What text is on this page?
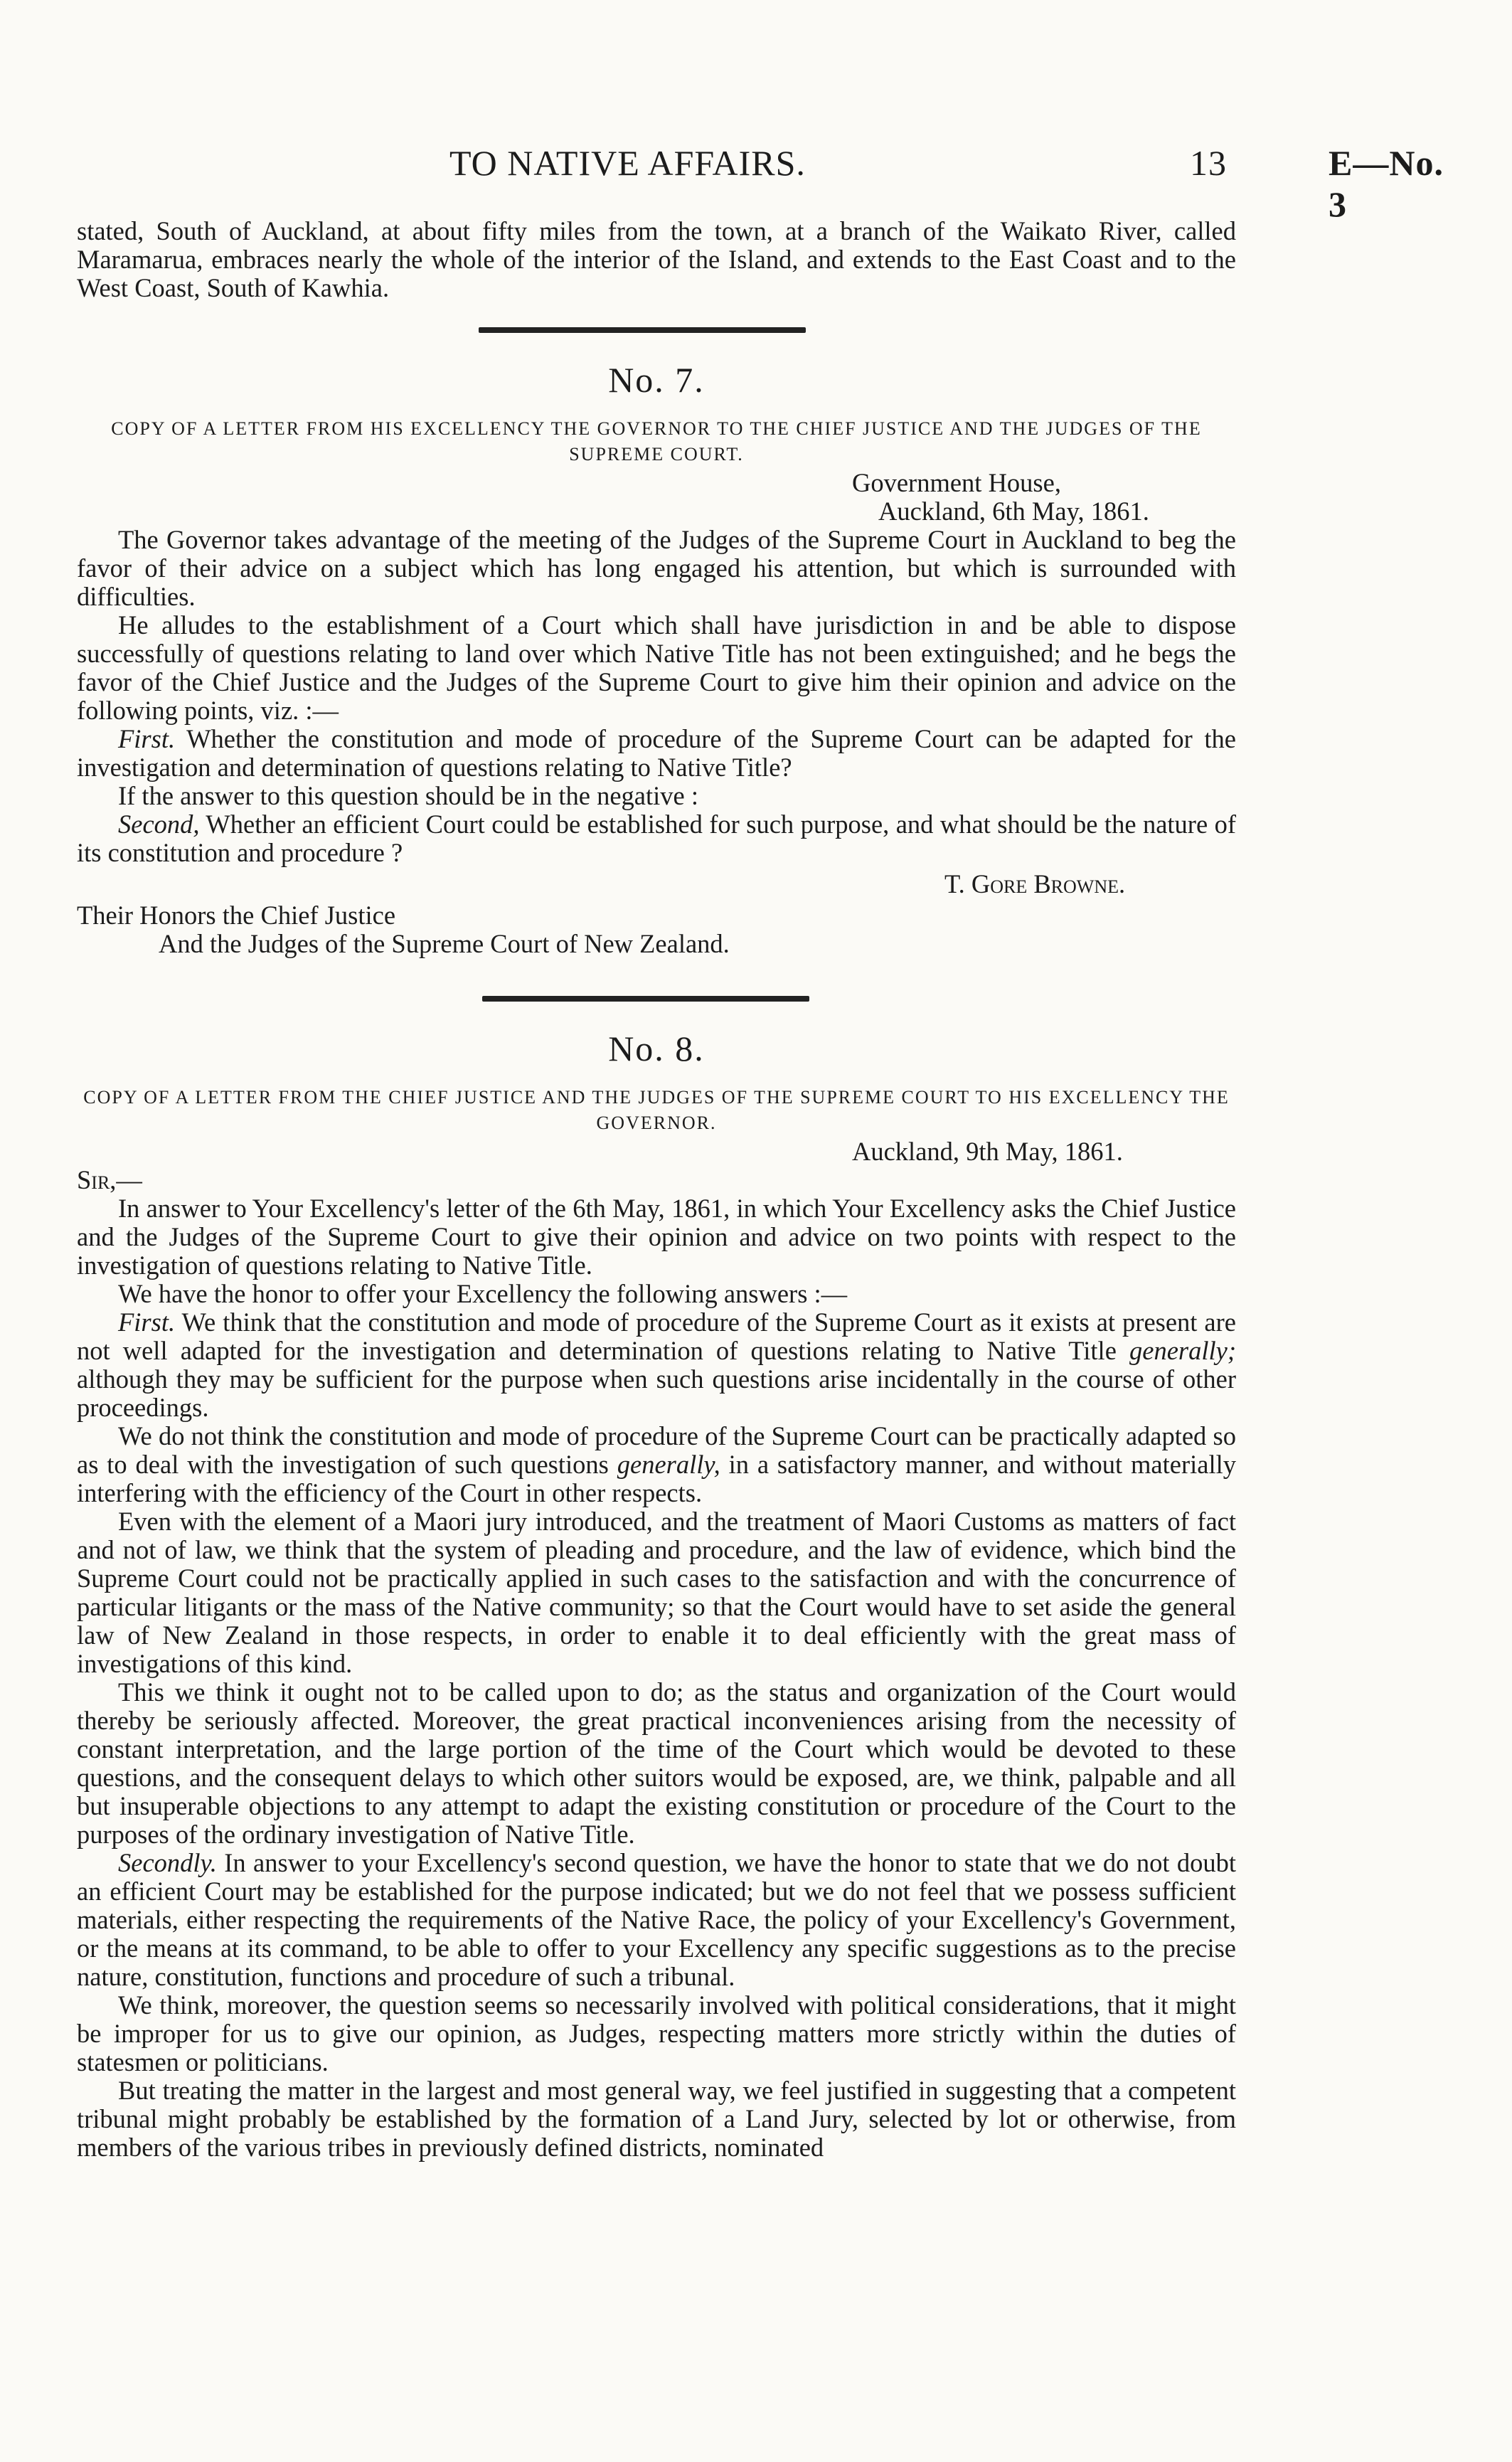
TO NATIVE AFFAIRS.	13	E—No. 3

stated, South of Auckland, at about fifty miles from the town, at a branch of the Waikato River, called Maramarua, embraces nearly the whole of the interior of the Island, and extends to the East Coast and to the West Coast, South of Kawhia.

No. 7.

COPY OF A LETTER FROM HIS EXCELLENCY THE GOVERNOR TO THE CHIEF JUSTICE AND THE JUDGES OF THE SUPREME COURT.

Government House,

Auckland, 6th May, 1861.

The Governor takes advantage of the meeting of the Judges of the Supreme Court in Auckland to beg the favor of their advice on a subject which has long engaged his attention, but which is surrounded with difficulties.

He alludes to the establishment of a Court which shall have jurisdiction in and be able to dispose successfully of questions relating to land over which Native Title has not been extinguished; and he begs the favor of the Chief Justice and the Judges of the Supreme Court to give him their opinion and advice on the following points, viz. :—

First. Whether the constitution and mode of procedure of the Supreme Court can be adapted for the investigation and determination of questions relating to Native Title?

If the answer to this question should be in the negative :

Second, Whether an efficient Court could be established for such purpose, and what should be the nature of its constitution and procedure ?

T. Gore Browne.

Their Honors the Chief Justice

And the Judges of the Supreme Court of New Zealand.

No. 8.

COPY OF A LETTER FROM THE CHIEF JUSTICE AND THE JUDGES OF THE SUPREME COURT TO HIS EXCELLENCY THE GOVERNOR.

Auckland, 9th May, 1861.

Sir,—

In answer to Your Excellency's letter of the 6th May, 1861, in which Your Excellency asks the Chief Justice and the Judges of the Supreme Court to give their opinion and advice on two points with respect to the investigation of questions relating to Native Title.

We have the honor to offer your Excellency the following answers :—

First. We think that the constitution and mode of procedure of the Supreme Court as it exists at present are not well adapted for the investigation and determination of questions relating to Native Title generally; although they may be sufficient for the purpose when such questions arise incidentally in the course of other proceedings.

We do not think the constitution and mode of procedure of the Supreme Court can be practically adapted so as to deal with the investigation of such questions generally, in a satisfactory manner, and without materially interfering with the efficiency of the Court in other respects.

Even with the element of a Maori jury introduced, and the treatment of Maori Customs as matters of fact and not of law, we think that the system of pleading and procedure, and the law of evidence, which bind the Supreme Court could not be practically applied in such cases to the satisfaction and with the concurrence of particular litigants or the mass of the Native community; so that the Court would have to set aside the general law of New Zealand in those respects, in order to enable it to deal efficiently with the great mass of investigations of this kind.

This we think it ought not to be called upon to do; as the status and organization of the Court would thereby be seriously affected. Moreover, the great practical inconveniences arising from the necessity of constant interpretation, and the large portion of the time of the Court which would be devoted to these questions, and the consequent delays to which other suitors would be exposed, are, we think, palpable and all but insuperable objections to any attempt to adapt the existing constitution or procedure of the Court to the purposes of the ordinary investigation of Native Title.

Secondly. In answer to your Excellency's second question, we have the honor to state that we do not doubt an efficient Court may be established for the purpose indicated; but we do not feel that we possess sufficient materials, either respecting the requirements of the Native Race, the policy of your Excellency's Government, or the means at its command, to be able to offer to your Excellency any specific suggestions as to the precise nature, constitution, functions and procedure of such a tribunal.

We think, moreover, the question seems so necessarily involved with political considerations, that it might be improper for us to give our opinion, as Judges, respecting matters more strictly within the duties of statesmen or politicians.

But treating the matter in the largest and most general way, we feel justified in suggesting that a competent tribunal might probably be established by the formation of a Land Jury, selected by lot or otherwise, from members of the various tribes in previously defined districts, nominated
